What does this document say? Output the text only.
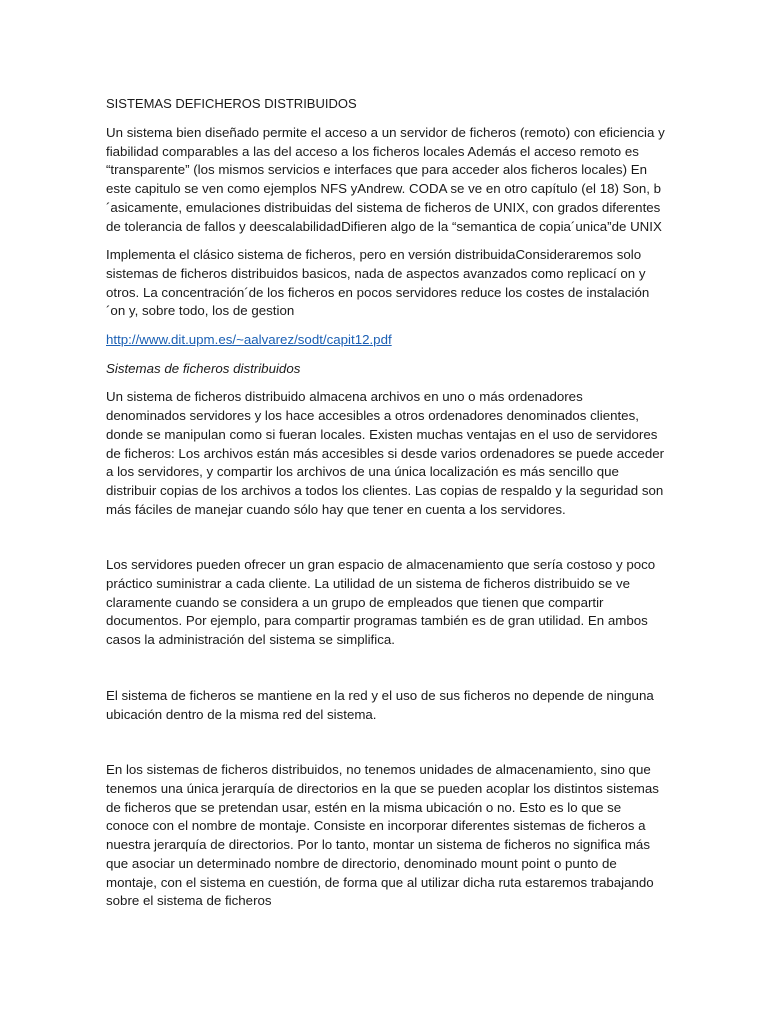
SISTEMAS DEFICHEROS DISTRIBUIDOS

Un sistema bien diseñado permite el acceso a un servidor de ficheros (remoto) con eficiencia y fiabilidad comparables a las del acceso a los ficheros locales Además el acceso remoto es “transparente” (los mismos servicios e interfaces que para acceder alos ficheros locales) En este capitulo se ven como ejemplos NFS yAndrew. CODA se ve en otro capítulo (el 18) Son, b´asicamente, emulaciones distribuidas del sistema de ficheros de UNIX, con grados diferentes de tolerancia de fallos y deescalabilidadDifieren algo de la “semantica de copia´unica”de UNIX

Implementa el clásico sistema de ficheros, pero en versión distribuidaConsideraremos solo sistemas de ficheros distribuidos basicos, nada de aspectos avanzados como replicací on y otros. La concentración´de los ficheros en pocos servidores reduce los costes de instalación´on y, sobre todo, los de gestion

http://www.dit.upm.es/~aalvarez/sodt/capit12.pdf

Sistemas de ficheros distribuidos

Un sistema de ficheros distribuido almacena archivos en uno o más ordenadores denominados servidores y los hace accesibles a otros ordenadores denominados clientes, donde se manipulan como si fueran locales. Existen muchas ventajas en el uso de servidores de ficheros: Los archivos están más accesibles si desde varios ordenadores se puede acceder a los servidores, y compartir los archivos de una única localización es más sencillo que distribuir copias de los archivos a todos los clientes. Las copias de respaldo y la seguridad son más fáciles de manejar cuando sólo hay que tener en cuenta a los servidores.

Los servidores pueden ofrecer un gran espacio de almacenamiento que sería costoso y poco práctico suministrar a cada cliente. La utilidad de un sistema de ficheros distribuido se ve claramente cuando se considera a un grupo de empleados que tienen que compartir documentos. Por ejemplo, para compartir programas también es de gran utilidad. En ambos casos la administración del sistema se simplifica.

El sistema de ficheros se mantiene en la red y el uso de sus ficheros no depende de ninguna ubicación dentro de la misma red del sistema.

En los sistemas de ficheros distribuidos, no tenemos unidades de almacenamiento, sino que tenemos una única jerarquía de directorios en la que se pueden acoplar los distintos sistemas de ficheros que se pretendan usar, estén en la misma ubicación o no. Esto es lo que se conoce con el nombre de montaje. Consiste en incorporar diferentes sistemas de ficheros a nuestra jerarquía de directorios. Por lo tanto, montar un sistema de ficheros no significa más que asociar un determinado nombre de directorio, denominado mount point o punto de montaje, con el sistema en cuestión, de forma que al utilizar dicha ruta estaremos trabajando sobre el sistema de ficheros
